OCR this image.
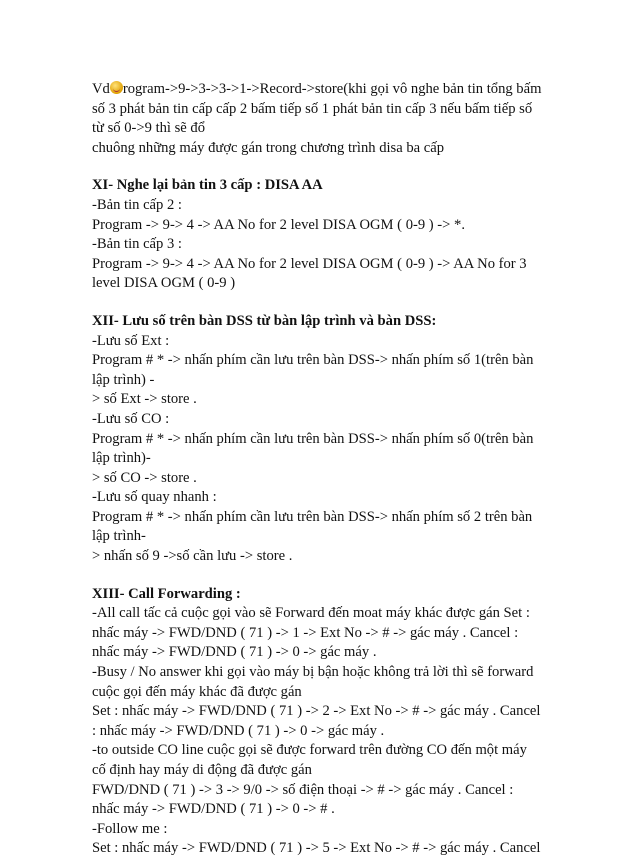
Vd rogram->9->3->3->1->Record->store(khi gọi vô nghe bản tin tổng bấm
số 3 phát bản tin cấp cấp 2 bấm tiếp số 1 phát bản tin cấp 3 nếu bấm tiếp số
từ số 0->9 thì sẽ đổ
chuông những máy được gán trong chương trình disa ba cấp
XI- Nghe lại bản tin 3 cấp : DISA AA
-Bản tin cấp 2 :
Program -> 9-> 4 -> AA No for 2 level DISA OGM ( 0-9 ) -> *.
-Bản tin cấp 3 :
Program -> 9-> 4 -> AA No for 2 level DISA OGM ( 0-9 ) -> AA No for 3
level DISA OGM ( 0-9 )
XII- Lưu số trên bàn DSS từ bàn lập trình và bàn DSS:
-Lưu số Ext :
Program # * -> nhấn phím cần lưu trên bàn DSS-> nhấn phím số 1(trên bàn
lập trình) -
> số Ext -> store .
-Lưu số CO :
Program # * -> nhấn phím cần lưu trên bàn DSS-> nhấn phím số 0(trên bàn
lập trình)-
> số CO -> store .
-Lưu số quay nhanh :
Program # * -> nhấn phím cần lưu trên bàn DSS-> nhấn phím số 2 trên bàn
lập trình-
> nhấn số 9 ->số cần lưu -> store .
XIII- Call Forwarding :
-All call tấc cả cuộc gọi vào sẽ Forward đến moat máy khác được gán Set :
nhấc máy -> FWD/DND ( 71 ) -> 1 -> Ext No -> # -> gác máy . Cancel :
nhấc máy -> FWD/DND ( 71 ) -> 0 -> gác máy .
-Busy / No answer khi gọi vào máy bị bận hoặc không trả lời thì sẽ forward
cuộc gọi đến máy khác đã được gán
Set : nhấc máy -> FWD/DND ( 71 ) -> 2 -> Ext No -> # -> gác máy . Cancel
: nhấc máy -> FWD/DND ( 71 ) -> 0 -> gác máy .
-to outside CO line cuộc gọi sẽ được forward trên đường CO đến một máy
cố định hay máy di động đã được gán
FWD/DND ( 71 ) -> 3 -> 9/0 -> số điện thoại -> # -> gác máy . Cancel :
nhấc máy -> FWD/DND ( 71 ) -> 0 -> # .
-Follow me :
Set : nhấc máy -> FWD/DND ( 71 ) -> 5 -> Ext No -> # -> gác máy . Cancel
